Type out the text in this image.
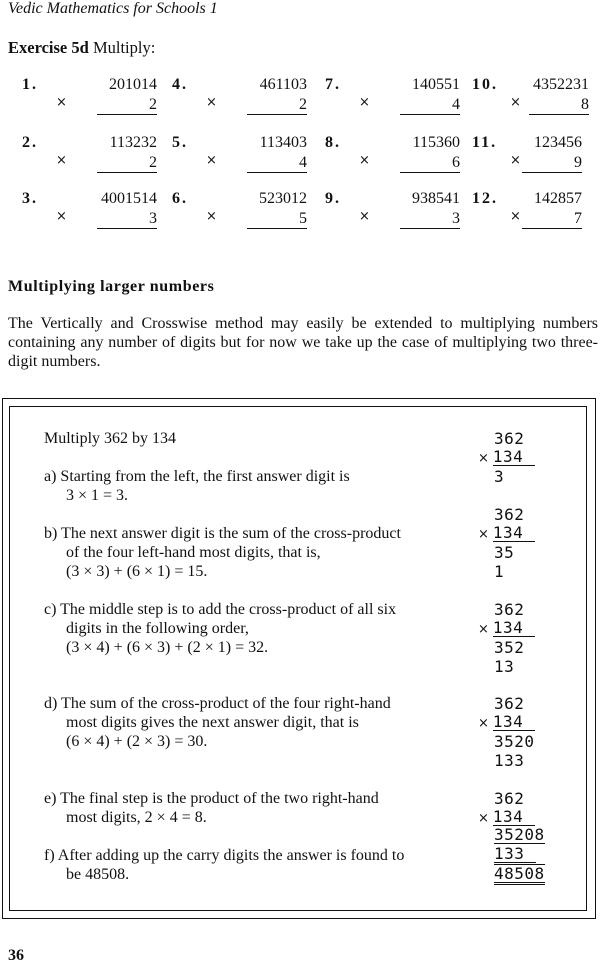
Vedic Mathematics for Schools 1
Exercise 5d Multiply:
1.	201014
×	2
4.	461103
×	2
7.	140551
×	4
10. 4352231
×	8
2.	113232
×	2
5.	113403
×	4
8.	115360
×	6
11. 123456
×	9
3.	4001514
×	3
6.	523012
×	5
9.	938541
×	3
12. 142857
×	7
Multiplying larger numbers
The Vertically and Crosswise method may easily be extended to multiplying numbers containing any number of digits but for now we take up the case of multiplying two three-digit numbers.
Multiply 362 by 134
a) Starting from the left, the first answer digit is
3 × 1 = 3.
b) The next answer digit is the sum of the cross-product
of the four left-hand most digits, that is,
(3 × 3) + (6 × 1) = 15.
c) The middle step is to add the cross-product of all six
digits in the following order,
(3 × 4) + (6 × 3) + (2 × 1) = 32.
d) The sum of the cross-product of the four right-hand
most digits gives the next answer digit, that is
(6 × 4) + (2 × 3) = 30.
e) The final step is the product of the two right-hand
most digits, 2 × 4 = 8.
f) After adding up the carry digits the answer is found to
be 48508.
362
× 134
3
362
× 134
35
1
362
× 134
352
13
362
× 134
3520
133
362
× 134
35208
133
48508
36
